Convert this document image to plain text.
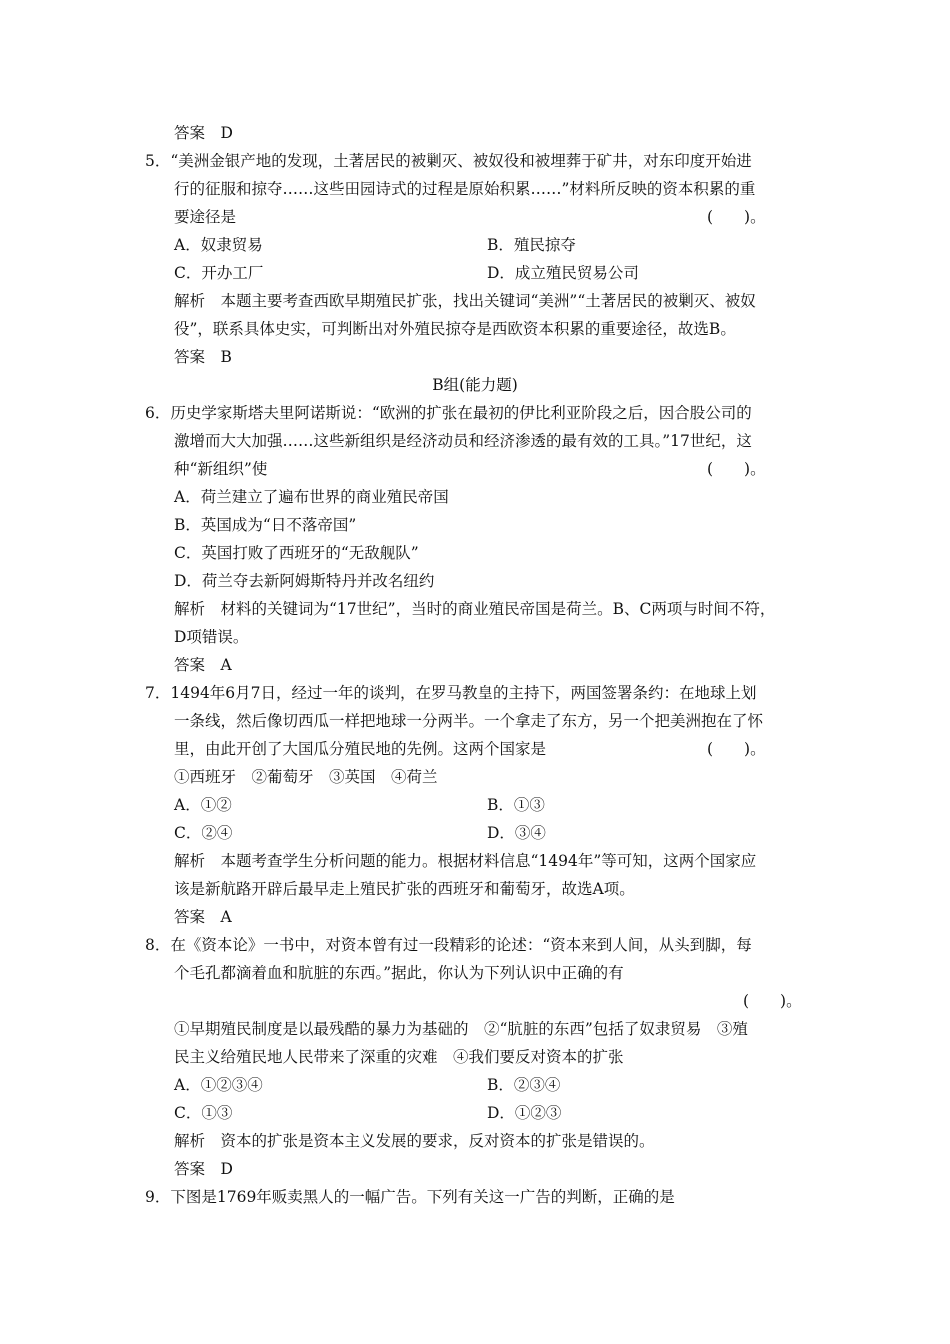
答案　D
5．“美洲金银产地的发现，土著居民的被剿灭、被奴役和被埋葬于矿井，对东印度开始进
行的征服和掠夺……这些田园诗式的过程是原始积累……”材料所反映的资本积累的重
要途径是	(　　)。
A．奴隶贸易	B．殖民掠夺
C．开办工厂	D．成立殖民贸易公司
解析　本题主要考查西欧早期殖民扩张，找出关键词“美洲”“土著居民的被剿灭、被奴
役”，联系具体史实，可判断出对外殖民掠夺是西欧资本积累的重要途径，故选B。
答案　B
B组(能力题)
6．历史学家斯塔夫里阿诺斯说：“欧洲的扩张在最初的伊比利亚阶段之后，因合股公司的
激增而大大加强……这些新组织是经济动员和经济渗透的最有效的工具。”17世纪，这
种“新组织”使	(　　)。
A．荷兰建立了遍布世界的商业殖民帝国
B．英国成为“日不落帝国”
C．英国打败了西班牙的“无敌舰队”
D．荷兰夺去新阿姆斯特丹并改名纽约
解析　材料的关键词为“17世纪”，当时的商业殖民帝国是荷兰。B、C两项与时间不符，
D项错误。
答案　A
7．1494年6月7日，经过一年的谈判，在罗马教皇的主持下，两国签署条约：在地球上划
一条线，然后像切西瓜一样把地球一分两半。一个拿走了东方，另一个把美洲抱在了怀
里，由此开创了大国瓜分殖民地的先例。这两个国家是	(　　)。
①西班牙　②葡萄牙　③英国　④荷兰
A．①②	B．①③
C．②④	D．③④
解析　本题考查学生分析问题的能力。根据材料信息“1494年”等可知，这两个国家应
该是新航路开辟后最早走上殖民扩张的西班牙和葡萄牙，故选A项。
答案　A
8．在《资本论》一书中，对资本曾有过一段精彩的论述：“资本来到人间，从头到脚，每
个毛孔都滴着血和肮脏的东西。”据此，你认为下列认识中正确的有
(　　)。
①早期殖民制度是以最残酷的暴力为基础的　②“肮脏的东西”包括了奴隶贸易　③殖
民主义给殖民地人民带来了深重的灾难　④我们要反对资本的扩张
A．①②③④	B．②③④
C．①③	D．①②③
解析　资本的扩张是资本主义发展的要求，反对资本的扩张是错误的。
答案　D
9．下图是1769年贩卖黑人的一幅广告。下列有关这一广告的判断，正确的是
